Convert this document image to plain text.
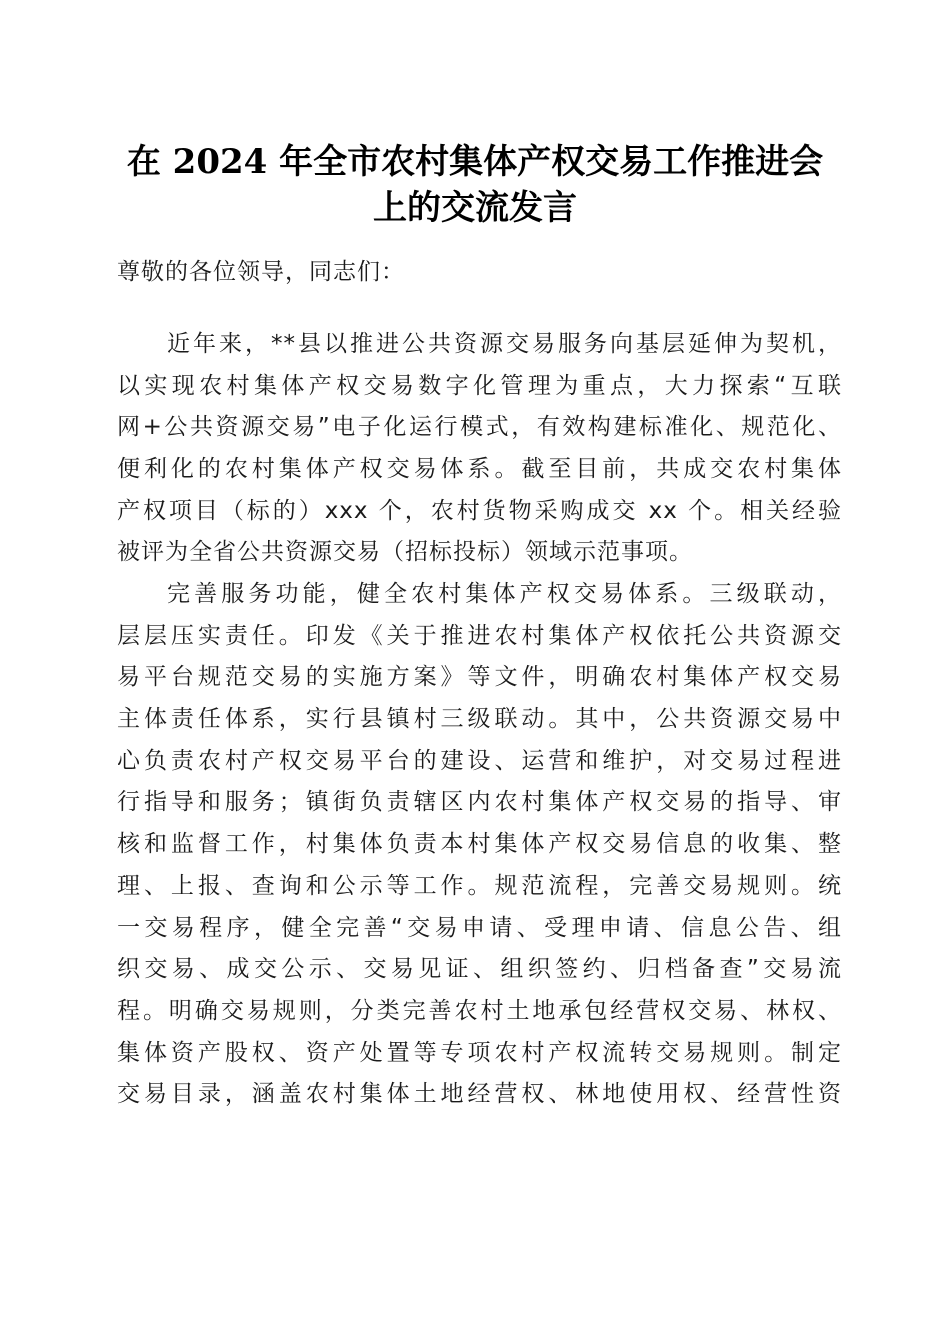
在 2024 年全市农村集体产权交易工作推进会
上的交流发言
尊敬的各位领导，同志们：
近年来，**县以推进公共资源交易服务向基层延伸为契机，
以实现农村集体产权交易数字化管理为重点，大力探索“互联
网+公共资源交易”电子化运行模式，有效构建标准化、规范化、
便利化的农村集体产权交易体系。截至目前，共成交农村集体
产权项目（标的）xxx 个，农村货物采购成交 xx 个。相关经验
被评为全省公共资源交易（招标投标）领域示范事项。
完善服务功能，健全农村集体产权交易体系。三级联动，
层层压实责任。印发《关于推进农村集体产权依托公共资源交
易平台规范交易的实施方案》等文件，明确农村集体产权交易
主体责任体系，实行县镇村三级联动。其中，公共资源交易中
心负责农村产权交易平台的建设、运营和维护，对交易过程进
行指导和服务；镇街负责辖区内农村集体产权交易的指导、审
核和监督工作，村集体负责本村集体产权交易信息的收集、整
理、上报、查询和公示等工作。规范流程，完善交易规则。统
一交易程序，健全完善“交易申请、受理申请、信息公告、组
织交易、成交公示、交易见证、组织签约、归档备查”交易流
程。明确交易规则，分类完善农村土地承包经营权交易、林权、
集体资产股权、资产处置等专项农村产权流转交易规则。制定
交易目录，涵盖农村集体土地经营权、林地使用权、经营性资
